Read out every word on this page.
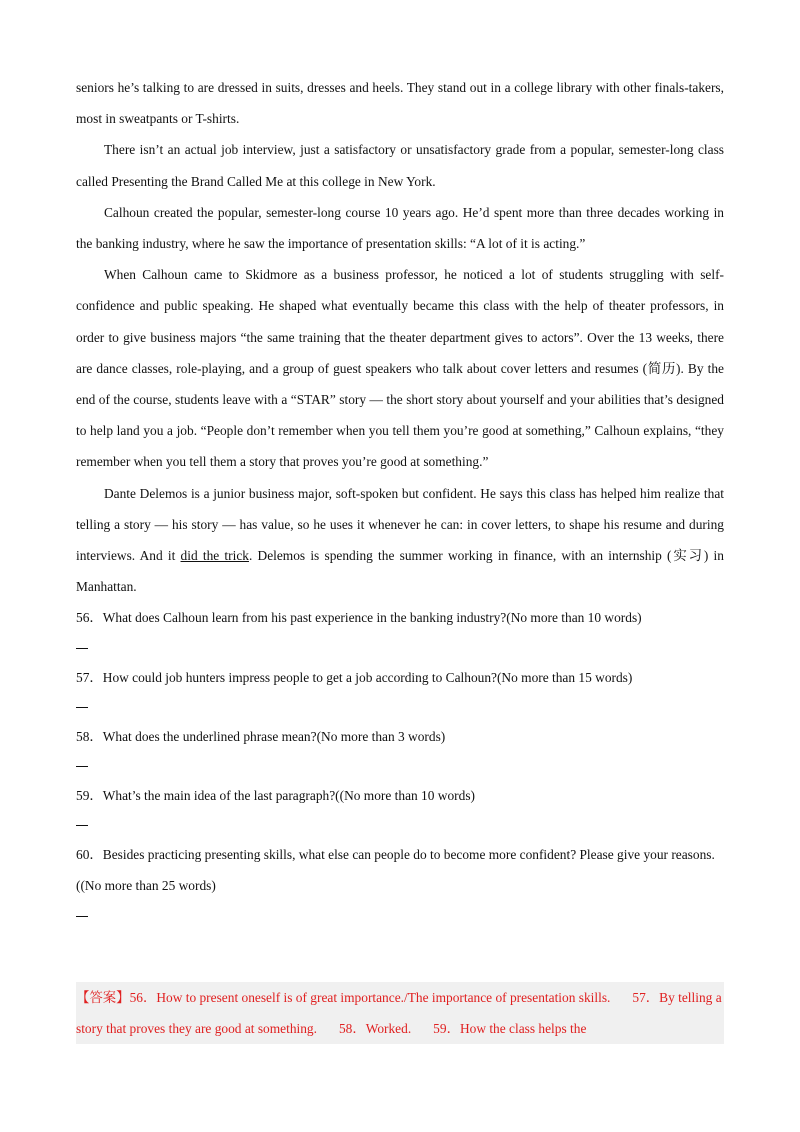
seniors he’s talking to are dressed in suits, dresses and heels. They stand out in a college library with other finals-takers, most in sweatpants or T-shirts.

There isn’t an actual job interview, just a satisfactory or unsatisfactory grade from a popular, semester-long class called Presenting the Brand Called Me at this college in New York.

Calhoun created the popular, semester-long course 10 years ago. He’d spent more than three decades working in the banking industry, where he saw the importance of presentation skills: “A lot of it is acting.”

When Calhoun came to Skidmore as a business professor, he noticed a lot of students struggling with self-confidence and public speaking. He shaped what eventually became this class with the help of theater professors, in order to give business majors “the same training that the theater department gives to actors”. Over the 13 weeks, there are dance classes, role-playing, and a group of guest speakers who talk about cover letters and resumes (简历). By the end of the course, students leave with a “STAR” story — the short story about yourself and your abilities that’s designed to help land you a job. “People don’t remember when you tell them you’re good at something,” Calhoun explains, “they remember when you tell them a story that proves you’re good at something.”

Dante Delemos is a junior business major, soft-spoken but confident. He says this class has helped him realize that telling a story — his story — has value, so he uses it whenever he can: in cover letters, to shape his resume and during interviews. And it did the trick. Delemos is spending the summer working in finance, with an internship (实习) in Manhattan.

56．What does Calhoun learn from his past experience in the banking industry?(No more than 10 words)

57．How could job hunters impress people to get a job according to Calhoun?(No more than 15 words)

58．What does the underlined phrase mean?(No more than 3 words)

59．What’s the main idea of the last paragraph?((No more than 10 words)

60．Besides practicing presenting skills, what else can people do to become more confident? Please give your reasons. ((No more than 25 words)

【答案】56．How to present oneself is of great importance./The importance of presentation skills. 57．By telling a story that proves they are good at something. 58．Worked. 59．How the class helps the
